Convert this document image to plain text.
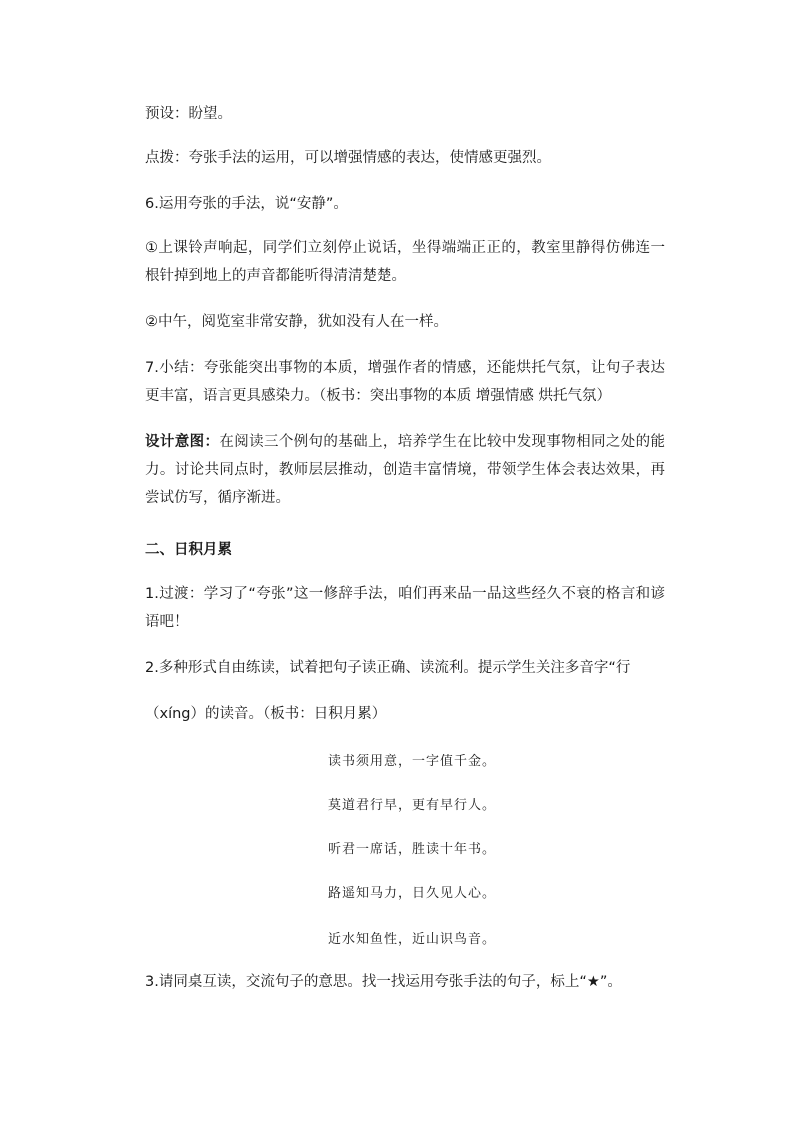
预设：盼望。

点拨：夸张手法的运用，可以增强情感的表达，使情感更强烈。

6.运用夸张的手法，说“安静”。

①上课铃声响起，同学们立刻停止说话，坐得端端正正的，教室里静得仿佛连一根针掉到地上的声音都能听得清清楚楚。

②中午，阅览室非常安静，犹如没有人在一样。

7.小结：夸张能突出事物的本质，增强作者的情感，还能烘托气氛，让句子表达更丰富，语言更具感染力。（板书：突出事物的本质 增强情感 烘托气氛）

设计意图：在阅读三个例句的基础上，培养学生在比较中发现事物相同之处的能力。讨论共同点时，教师层层推动，创造丰富情境，带领学生体会表达效果，再尝试仿写，循序渐进。

二、日积月累

1.过渡：学习了“夸张”这一修辞手法，咱们再来品一品这些经久不衰的格言和谚语吧！

2.多种形式自由练读，试着把句子读正确、读流利。提示学生关注多音字“行

（xíng）的读音。（板书：日积月累）

读书须用意，一字值千金。
莫道君行早，更有早行人。
听君一席话，胜读十年书。
路遥知马力，日久见人心。
近水知鱼性，近山识鸟音。

3.请同桌互读，交流句子的意思。找一找运用夸张手法的句子，标上“★”。
